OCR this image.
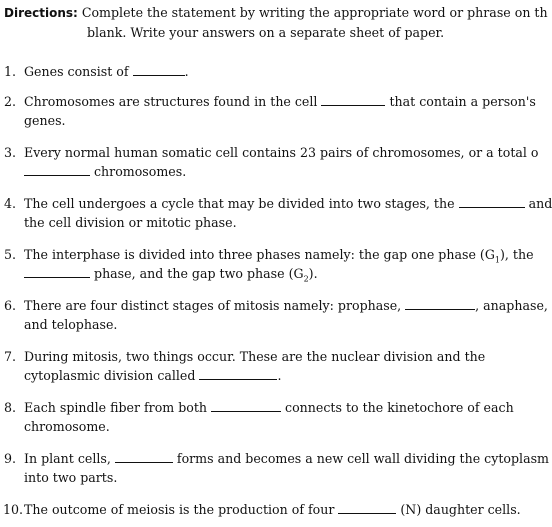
Directions: Complete the statement by writing the appropriate word or phrase on th
blank. Write your answers on a separate sheet of paper.
1. Genes consist of	.
2. Chromosomes are structures found in the cell	that contain a person's
genes.
3. Every normal human somatic cell contains 23 pairs of chromosomes, or a total o
chromosomes.
4. The cell undergoes a cycle that may be divided into two stages, the	and
the cell division or mitotic phase.
5. The interphase is divided into three phases namely: the gap one phase $(G_1)$, the
phase, and the gap two phase $(G_2)$.
6. There are four distinct stages of mitosis namely: prophase,	, anaphase,
and telophase.
7. During mitosis, two things occur. These are the nuclear division and the
cytoplasmic division called	.
8. Each spindle fiber from both	connects to the kinetochore of each
chromosome.
9. In plant cells,	forms and becomes a new cell wall dividing the cytoplasm
into two parts.
10. The outcome of meiosis is the production of four	(N) daughter cells.
